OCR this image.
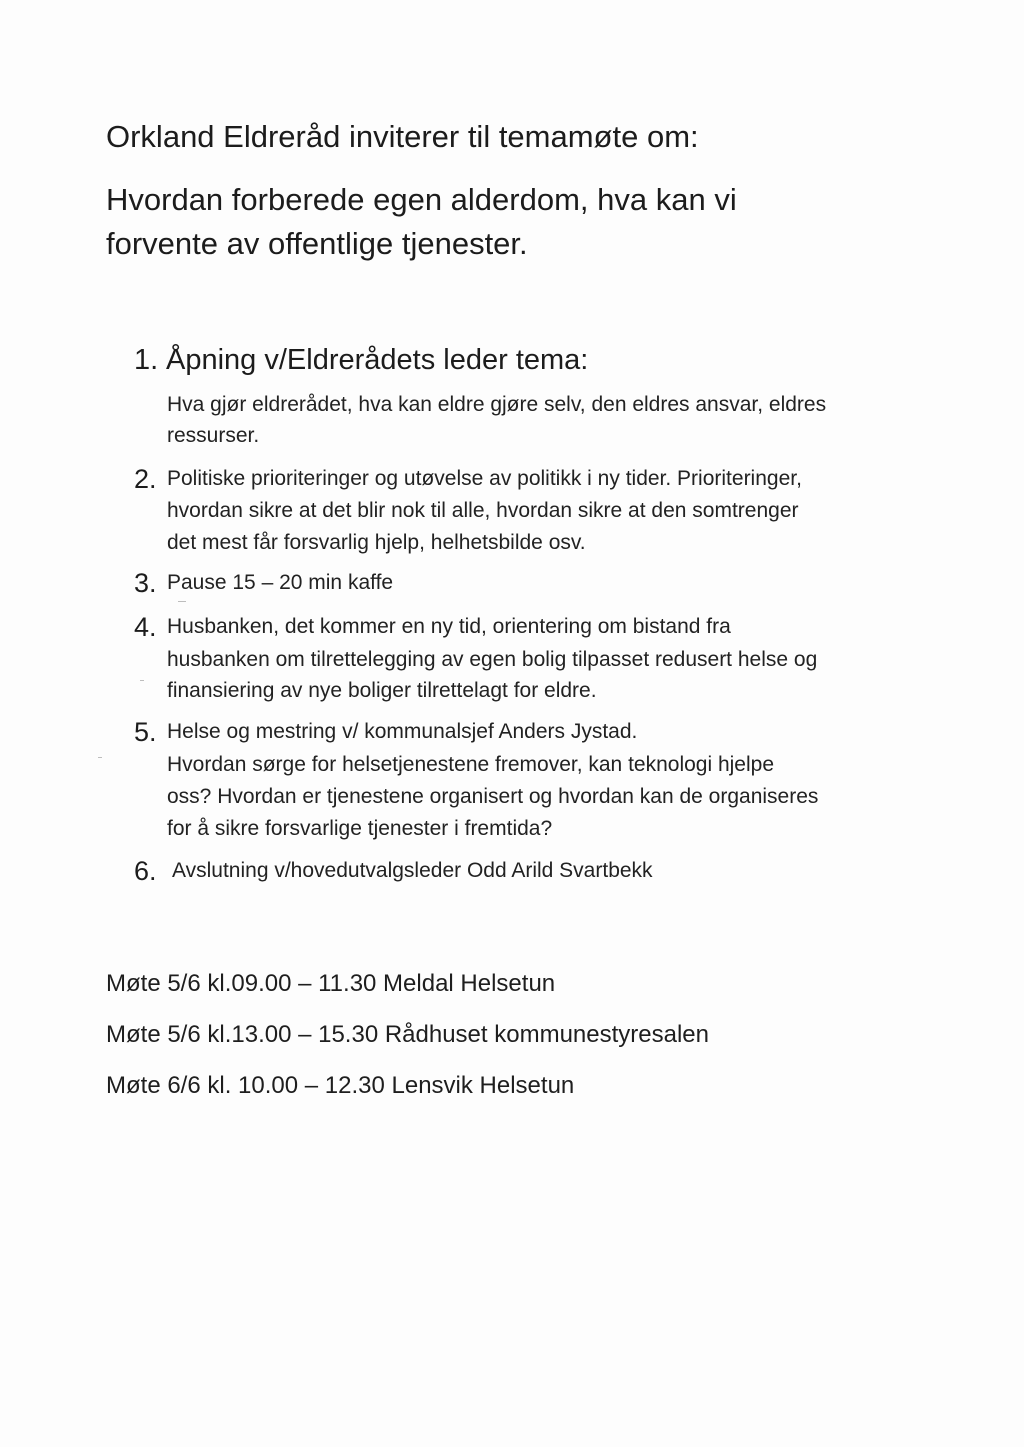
Orkland Eldreråd inviterer til temamøte om:
Hvordan forberede egen alderdom, hva kan vi
forvente av offentlige tjenester.
1. Åpning v/Eldrerådets leder tema:
Hva gjør eldrerådet, hva kan eldre gjøre selv, den eldres ansvar, eldres
ressurser.
2. Politiske prioriteringer og utøvelse av politikk i ny tider. Prioriteringer,
hvordan sikre at det blir nok til alle, hvordan sikre at den somtrenger
det mest får forsvarlig hjelp, helhetsbilde osv.
3. Pause 15 – 20 min kaffe
4. Husbanken, det kommer en ny tid, orientering om bistand fra
husbanken om tilrettelegging av egen bolig tilpasset redusert helse og
finansiering av nye boliger tilrettelagt for eldre.
5. Helse og mestring v/ kommunalsjef Anders Jystad.
Hvordan sørge for helsetjenestene fremover, kan teknologi hjelpe
oss? Hvordan er tjenestene organisert og hvordan kan de organiseres
for å sikre forsvarlige tjenester i fremtida?
6. Avslutning v/hovedutvalgsleder Odd Arild Svartbekk
Møte 5/6 kl.09.00 – 11.30 Meldal Helsetun
Møte 5/6 kl.13.00 – 15.30 Rådhuset kommunestyresalen
Møte 6/6 kl. 10.00 – 12.30 Lensvik Helsetun
